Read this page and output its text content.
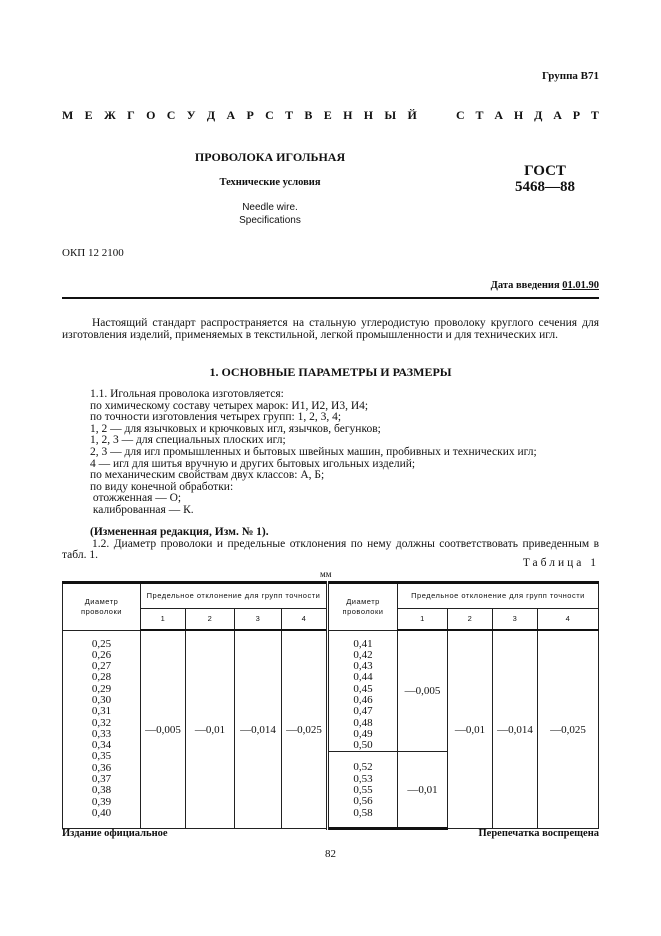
Группа В71
М Е Ж Г О С У Д А Р С Т В Е Н Н Ы Й	С Т А Н Д А Р Т
ПРОВОЛОКА ИГОЛЬНАЯ
Технические условия
Needle wire.
Specifications
ГОСТ
5468—88
ОКП 12 2100
Дата введения 01.01.90
Настоящий стандарт распространяется на стальную углеродистую проволоку круглого сечения для изготовления изделий, применяемых в текстильной, легкой промышленности и для технических игл.
1. ОСНОВНЫЕ ПАРАМЕТРЫ И РАЗМЕРЫ
1.1. Игольная проволока изготовляется:
по химическому составу четырех марок: И1, И2, И3, И4;
по точности изготовления четырех групп: 1, 2, 3, 4;
1, 2 — для язычковых и крючковых игл, язычков, бегунков;
1, 2, 3 — для специальных плоских игл;
2, 3 — для игл промышленных и бытовых швейных машин, пробивных и технических игл;
4 — игл для шитья вручную и других бытовых игольных изделий;
по механическим свойствам двух классов: А, Б;
по виду конечной обработки:
отожженная — О;
калиброванная — К.
(Измененная редакция, Изм. № 1).
1.2. Диаметр проволоки и предельные отклонения по нему должны соответствовать приведенным в табл. 1.
Таблица 1
мм
Диаметр проволоки	Предельное отклонение для групп точности	Диаметр проволоки	Предельное отклонение для групп точности
1	2	3	4	1	2	3	4
0,25
0,26
0,27
0,28
0,29
0,30
0,31
0,32
0,33
0,34
0,35
0,36
0,37
0,38
0,39
0,40	—0,005	—0,01	—0,014	—0,025	0,41
0,42
0,43
0,44
0,45
0,46
0,47
0,48
0,49
0,50	—0,005	—0,01	—0,014	—0,025
0,52
0,53
0,55
0,56
0,58	—0,01
Издание официальное	Перепечатка воспрещена
82
